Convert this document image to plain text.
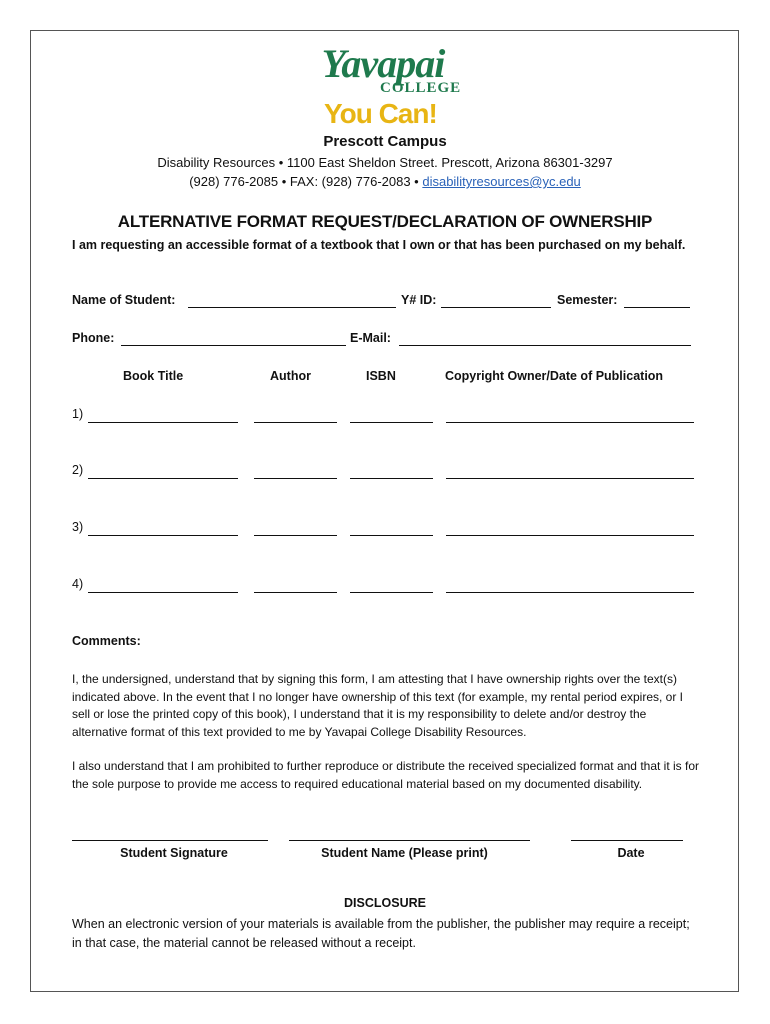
Yavapai
COLLEGE
You Can!
Prescott Campus
Disability Resources • 1100 East Sheldon Street. Prescott, Arizona 86301-3297
(928) 776-2085 • FAX: (928) 776-2083 • disabilityresources@yc.edu
ALTERNATIVE FORMAT REQUEST/DECLARATION OF OWNERSHIP
I am requesting an accessible format of a textbook that I own or that has been purchased on my behalf.
Name of Student:	Y# ID:	Semester:
Phone:	E-Mail:
Book Title	Author	ISBN	Copyright Owner/Date of Publication
1)
2)
3)
4)
Comments:
I, the undersigned, understand that by signing this form, I am attesting that I have ownership rights over the text(s) indicated above. In the event that I no longer have ownership of this text (for example, my rental period expires, or I sell or lose the printed copy of this book), I understand that it is my responsibility to delete and/or destroy the alternative format of this text provided to me by Yavapai College Disability Resources.
I also understand that I am prohibited to further reproduce or distribute the received specialized format and that it is for the sole purpose to provide me access to required educational material based on my documented disability.
Student Signature	Student Name (Please print)	Date
DISCLOSURE
When an electronic version of your materials is available from the publisher, the publisher may require a receipt; in that case, the material cannot be released without a receipt.
